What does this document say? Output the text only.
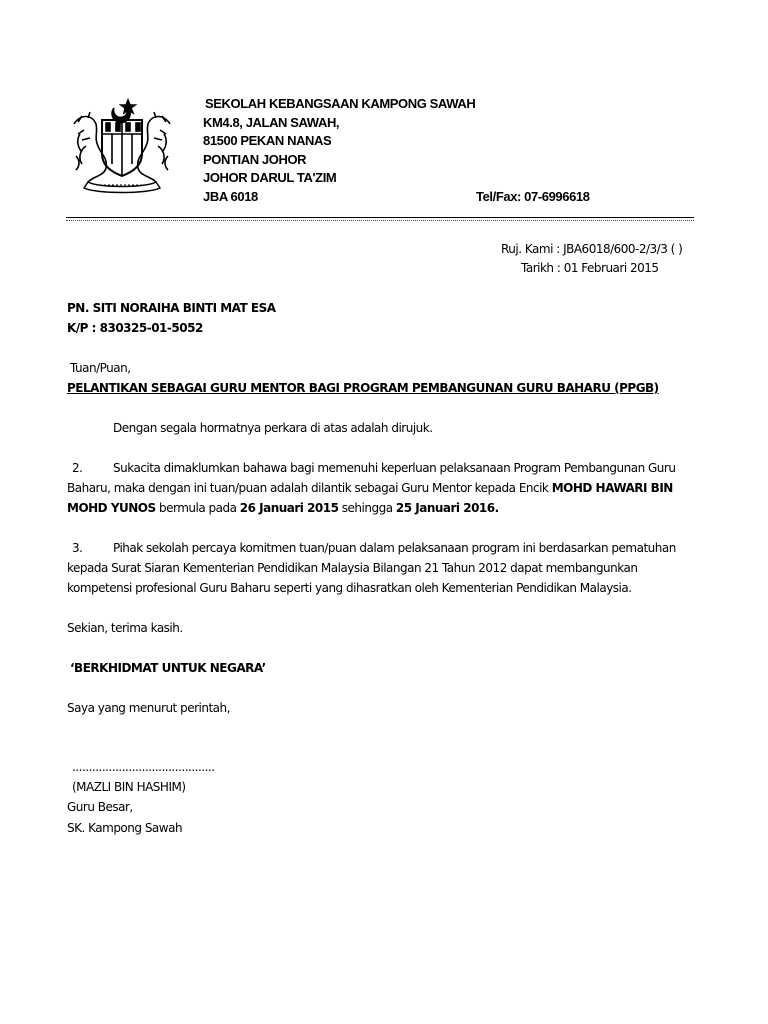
SEKOLAH KEBANGSAAN KAMPONG SAWAH
KM4.8, JALAN SAWAH,
81500 PEKAN NANAS
PONTIAN JOHOR
JOHOR DARUL TA'ZIM
JBA 6018	Tel/Fax: 07-6996618
Ruj. Kami : JBA6018/600-2/3/3 ( )
Tarikh : 01 Februari 2015
PN. SITI NORAIHA BINTI MAT ESA
K/P : 830325-01-5052
Tuan/Puan,
PELANTIKAN SEBAGAI GURU MENTOR BAGI PROGRAM PEMBANGUNAN GURU BAHARU (PPGB)
Dengan segala hormatnya perkara di atas adalah dirujuk.
2.	Sukacita dimaklumkan bahawa bagi memenuhi keperluan pelaksanaan Program Pembangunan Guru
Baharu, maka dengan ini tuan/puan adalah dilantik sebagai Guru Mentor kepada Encik MOHD HAWARI BIN
MOHD YUNOS bermula pada 26 Januari 2015 sehingga 25 Januari 2016.
3.	Pihak sekolah percaya komitmen tuan/puan dalam pelaksanaan program ini berdasarkan pematuhan
kepada Surat Siaran Kementerian Pendidikan Malaysia Bilangan 21 Tahun 2012 dapat membangunkan
kompetensi profesional Guru Baharu seperti yang dihasratkan oleh Kementerian Pendidikan Malaysia.
Sekian, terima kasih.
‘BERKHIDMAT UNTUK NEGARA’
Saya yang menurut perintah,
...........................................
(MAZLI BIN HASHIM)
Guru Besar,
SK. Kampong Sawah
